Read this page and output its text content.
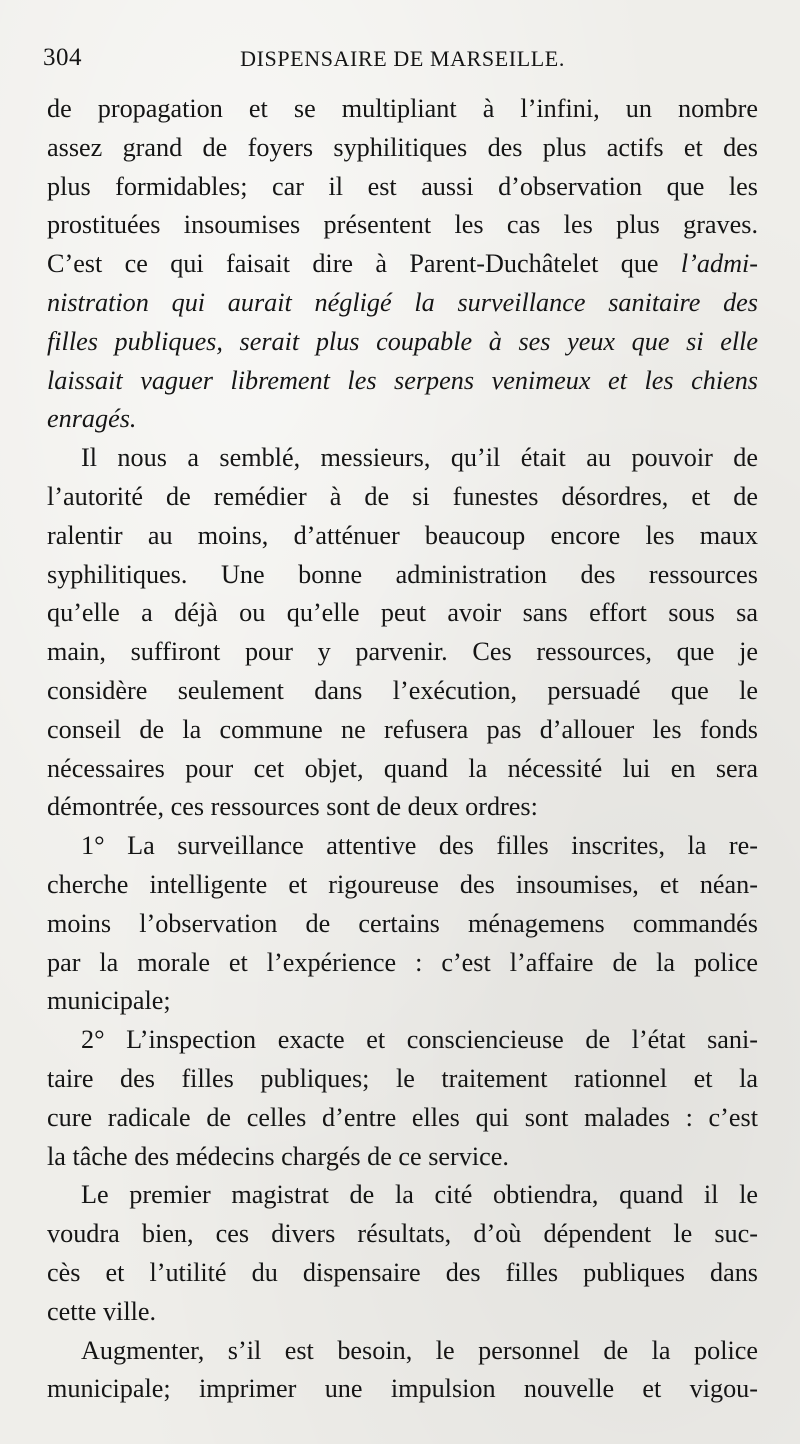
304	DISPENSAIRE DE MARSEILLE.
de propagation et se multipliant à l’infini, un nombre
assez grand de foyers syphilitiques des plus actifs et des
plus formidables; car il est aussi d’observation que les
prostituées insoumises présentent les cas les plus graves.
C’est ce qui faisait dire à Parent-Duchâtelet que l’admi-
nistration qui aurait négligé la surveillance sanitaire des
filles publiques, serait plus coupable à ses yeux que si elle
laissait vaguer librement les serpens venimeux et les chiens
enragés.
Il nous a semblé, messieurs, qu’il était au pouvoir de
l’autorité de remédier à de si funestes désordres, et de
ralentir au moins, d’atténuer beaucoup encore les maux
syphilitiques. Une bonne administration des ressources
qu’elle a déjà ou qu’elle peut avoir sans effort sous sa
main, suffiront pour y parvenir. Ces ressources, que je
considère seulement dans l’exécution, persuadé que le
conseil de la commune ne refusera pas d’allouer les fonds
nécessaires pour cet objet, quand la nécessité lui en sera
démontrée, ces ressources sont de deux ordres:
1° La surveillance attentive des filles inscrites, la re-
cherche intelligente et rigoureuse des insoumises, et néan-
moins l’observation de certains ménagemens commandés
par la morale et l’expérience : c’est l’affaire de la police
municipale;
2° L’inspection exacte et consciencieuse de l’état sani-
taire des filles publiques; le traitement rationnel et la
cure radicale de celles d’entre elles qui sont malades : c’est
la tâche des médecins chargés de ce service.
Le premier magistrat de la cité obtiendra, quand il le
voudra bien, ces divers résultats, d’où dépendent le suc-
cès et l’utilité du dispensaire des filles publiques dans
cette ville.
Augmenter, s’il est besoin, le personnel de la police
municipale; imprimer une impulsion nouvelle et vigou-
